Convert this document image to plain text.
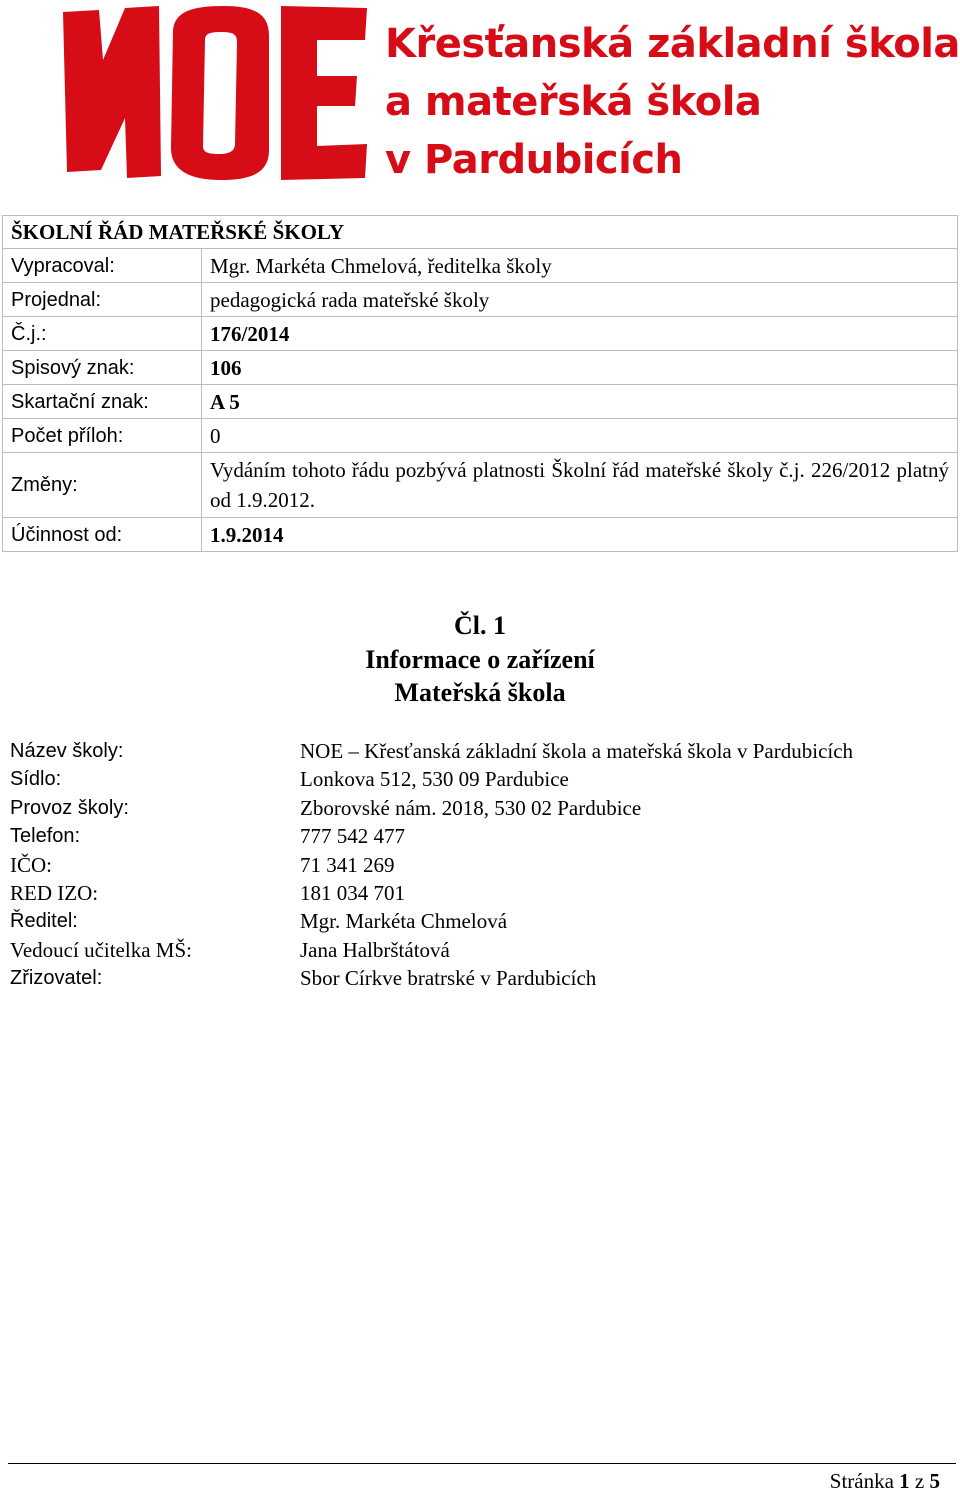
Křesťanská základní škola
a mateřská škola
v Pardubicích
ŠKOLNÍ ŘÁD MATEŘSKÉ ŠKOLY	
Vypracoval:	Mgr. Markéta Chmelová, ředitelka školy
Projednal:	pedagogická rada mateřské školy
Č.j.:	176/2014
Spisový znak:	106
Skartační znak:	A 5
Počet příloh:	0
Změny:	Vydáním tohoto řádu pozbývá platnosti Školní řád mateřské školy č.j. 226/2012 platný od 1.9.2012.
Účinnost od:	1.9.2014
Čl. 1
Informace o zařízení
Mateřská škola
Název školy:	NOE – Křesťanská základní škola a mateřská škola v Pardubicích
Sídlo:	Lonkova 512, 530 09 Pardubice
Provoz školy:	Zborovské nám. 2018, 530 02 Pardubice
Telefon:	777 542 477
IČO:	71 341 269
RED IZO:	181 034 701
Ředitel:	Mgr. Markéta Chmelová
Vedoucí učitelka MŠ:	Jana Halbrštátová
Zřizovatel:	Sbor Církve bratrské v Pardubicích
Stránka 1 z 5
